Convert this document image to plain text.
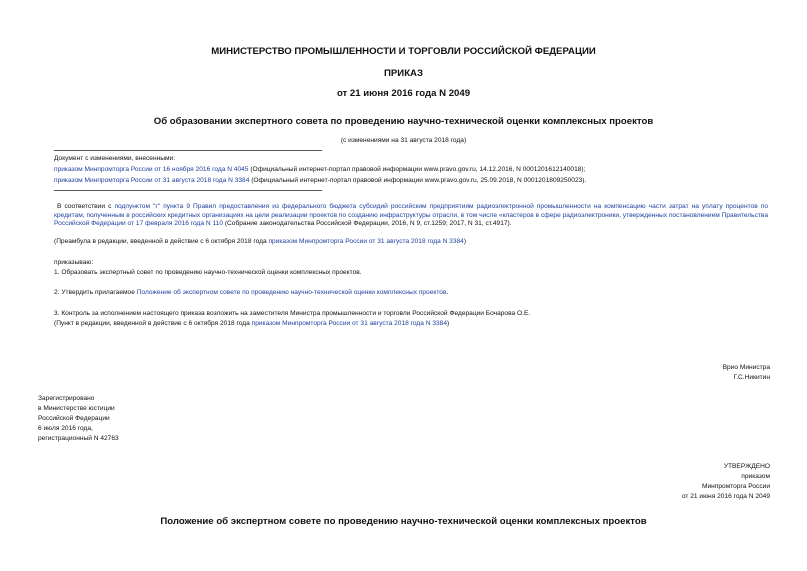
МИНИСТЕРСТВО ПРОМЫШЛЕННОСТИ И ТОРГОВЛИ РОССИЙСКОЙ ФЕДЕРАЦИИ
ПРИКАЗ
от 21 июня 2016 года N 2049
Об образовании экспертного совета по проведению научно-технической оценки комплексных проектов
(с изменениями на 31 августа 2018 года)
Документ с изменениями, внесенными:
приказом Минпромторга России от 16 ноября 2016 года N 4045 (Официальный интернет-портал правовой информации www.pravo.gov.ru, 14.12.2016, N 0001201612140018);
приказом Минпромторга России от 31 августа 2018 года N 3384 (Официальный интернет-портал правовой информации www.pravo.gov.ru, 25.09.2018, N 0001201809250023).
В соответствии с подпунктом "г" пункта 9 Правил предоставления из федерального бюджета субсидий российским предприятиям радиоэлектронной промышленности на компенсацию части затрат на уплату процентов по кредитам, полученным в российских кредитных организациях на цели реализации проектов по созданию инфраструктуры отрасли, в том числе «кластеров в сфере радиоэлектроники, утвержденных постановлением Правительства Российской Федерации от 17 февраля 2016 года N 110 (Собрание законодательства Российской Федерации, 2016, N 9, ст.1259; 2017, N 31, ст.4917).
(Преамбула в редакции, введенной в действие с 6 октября 2018 года приказом Минпромторга России от 31 августа 2018 года N 3384)
приказываю:
1. Образовать экспертный совет по проведению научно-технической оценки комплексных проектов.
2. Утвердить прилагаемое Положение об экспертном совете по проведению научно-технической оценки комплексных проектов.
3. Контроль за исполнением настоящего приказа возложить на заместителя Министра промышленности и торговли Российской Федерации Бочарова О.Е.
(Пункт в редакции, введенной в действие с 6 октября 2018 года приказом Минпромторга России от 31 августа 2018 года N 3384)
Врио Министра
Г.С.Никитин
Зарегистрировано
в Министерстве юстиции
Российской Федерации
6 июля 2016 года,
регистрационный N 42763
УТВЕРЖДЕНО
приказом
Минпромторга России
от 21 июня 2016 года N 2049
Положение об экспертном совете по проведению научно-технической оценки комплексных проектов
